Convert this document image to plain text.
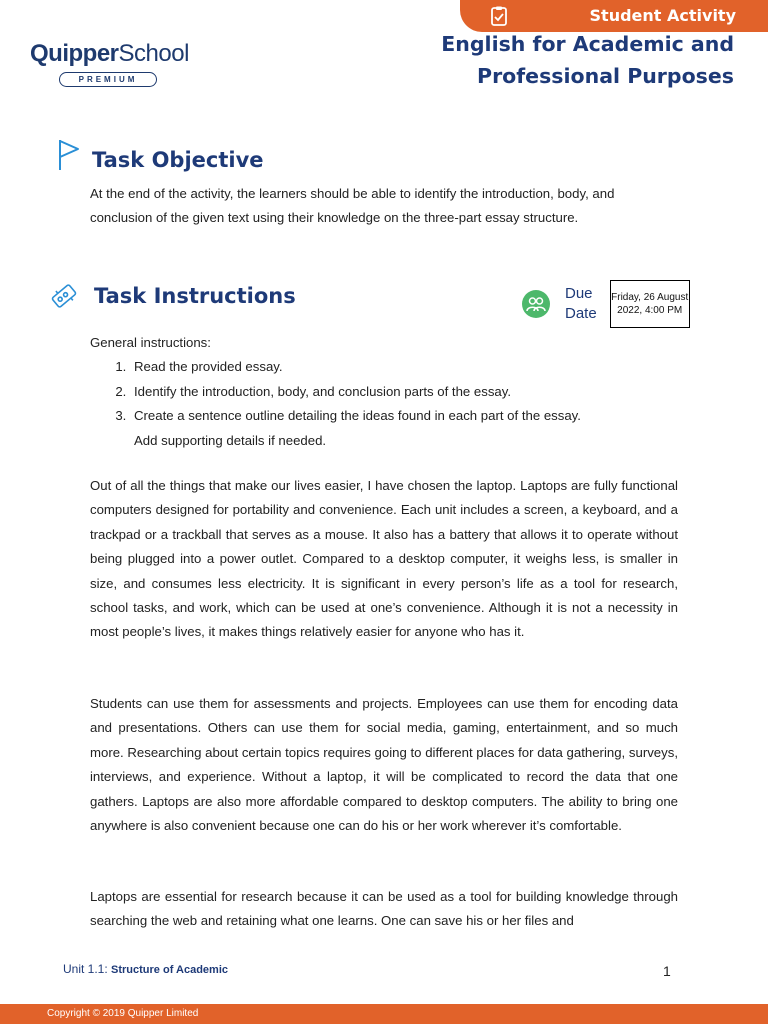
Student Activity
QuipperSchool
PREMIUM
English for Academic and
Professional Purposes
Task Objective
At the end of the activity, the learners should be able to identify the introduction, body, and conclusion of the given text using their knowledge on the three-part essay structure.
Task Instructions	Due
Date
Friday, 26 August
2022, 4:00 PM
General instructions:
1. Read the provided essay.
2. Identify the introduction, body, and conclusion parts of the essay.
3. Create a sentence outline detailing the ideas found in each part of the essay.
Add supporting details if needed.

Out of all the things that make our lives easier, I have chosen the laptop. Laptops are fully functional computers designed for portability and convenience. Each unit includes a screen, a keyboard, and a trackpad or a trackball that serves as a mouse. It also has a battery that allows it to operate without being plugged into a power outlet. Compared to a desktop computer, it weighs less, is smaller in size, and consumes less electricity. It is significant in every person’s life as a tool for research, school tasks, and work, which can be used at one’s convenience. Although it is not a necessity in most people’s lives, it makes things relatively easier for anyone who has it.

Students can use them for assessments and projects. Employees can use them for encoding data and presentations. Others can use them for social media, gaming, entertainment, and so much more. Researching about certain topics requires going to different places for data gathering, surveys, interviews, and experience. Without a laptop, it will be complicated to record the data that one gathers. Laptops are also more affordable compared to desktop computers. The ability to bring one anywhere is also convenient because one can do his or her work wherever it’s comfortable.

Laptops are essential for research because it can be used as a tool for building knowledge through searching the web and retaining what one learns. One can save his or her files and

Unit 1.1: Structure of Academic	1
Copyright © 2019 Quipper Limited
